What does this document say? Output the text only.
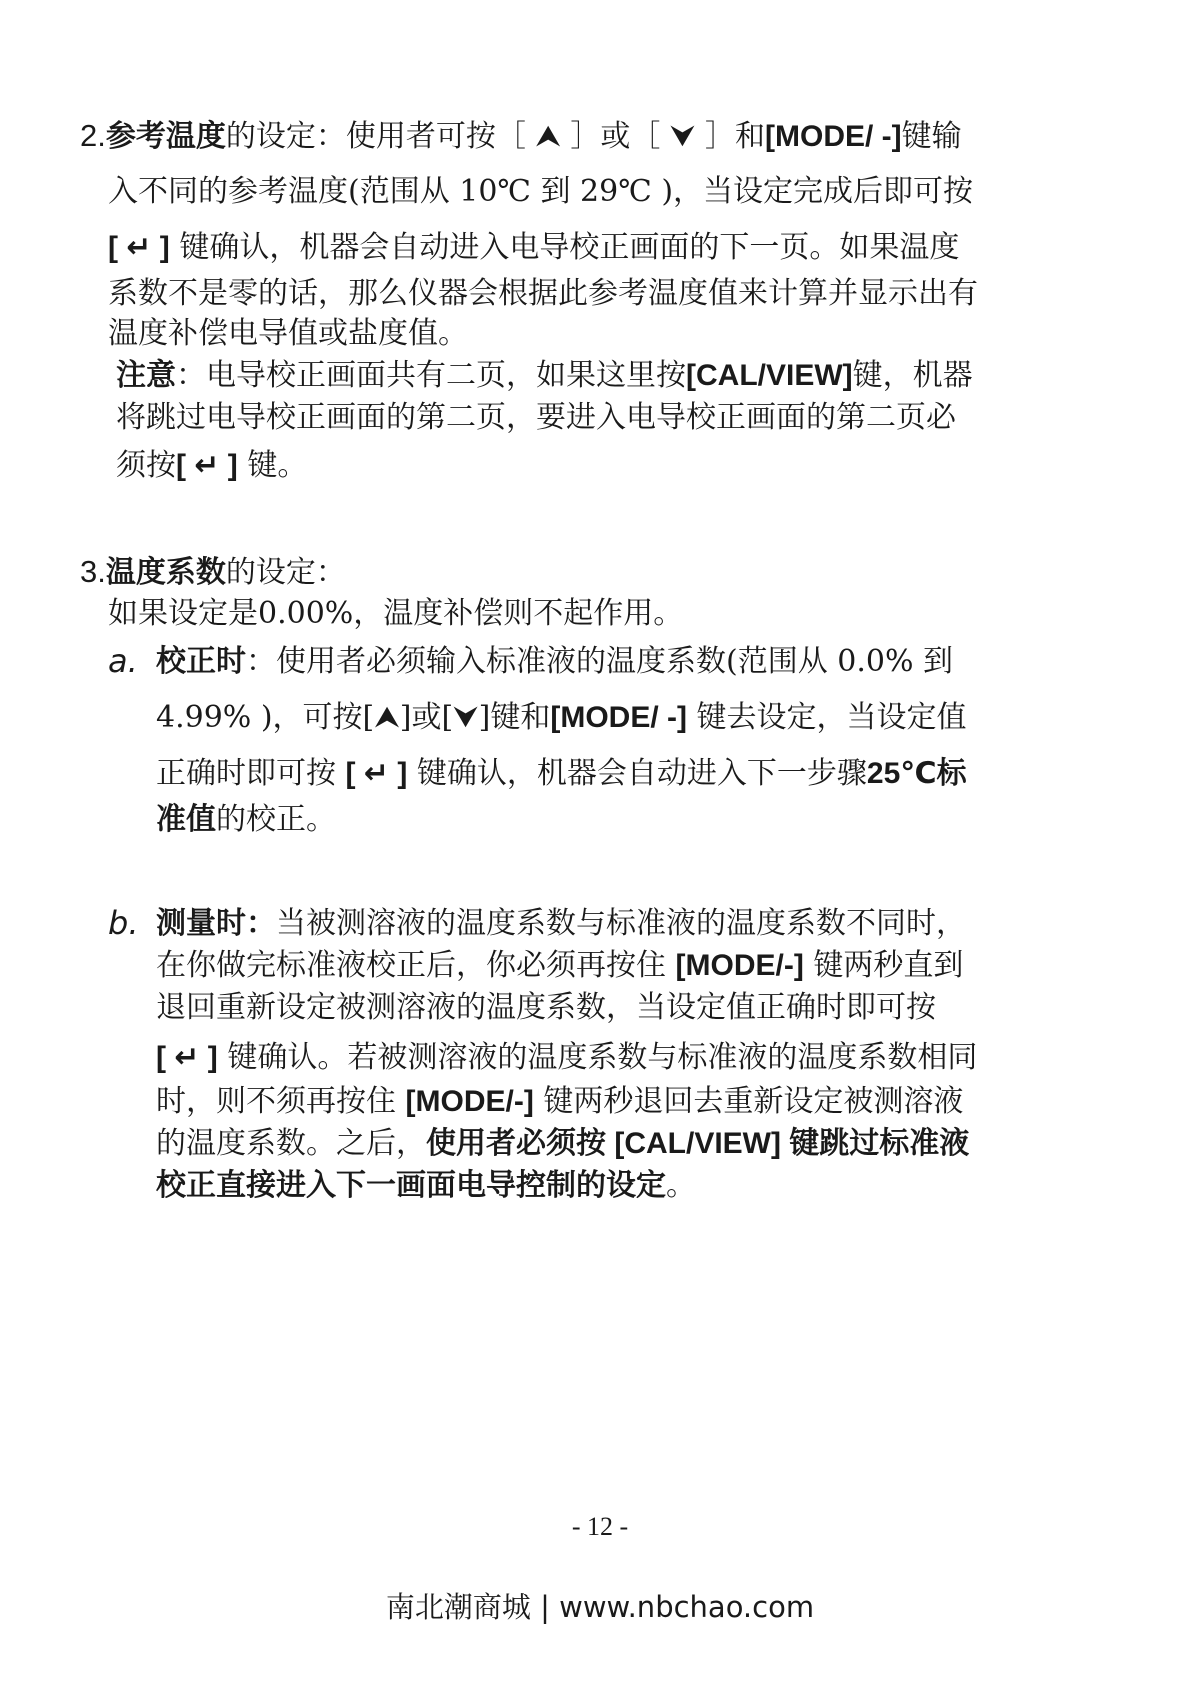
2.参考温度的设定：使用者可按［ ⮝ ］或［ ⮟ ］和[MODE/ -]键输
入不同的参考温度(范围从 10℃ 到 29℃ )，当设定完成后即可按
[ ↵ ] 键确认，机器会自动进入电导校正画面的下一页。如果温度
系数不是零的话，那么仪器会根据此参考温度值来计算并显示出有
温度补偿电导值或盐度值。
注意：电导校正画面共有二页，如果这里按[CAL/VIEW]键，机器
将跳过电导校正画面的第二页，要进入电导校正画面的第二页必
须按[ ↵ ] 键。
3.温度系数的设定：
如果设定是0.00%，温度补偿则不起作用。
a. 校正时：使用者必须输入标准液的温度系数(范围从 0.0% 到
4.99% )，可按[⮝]或[⮟]键和[MODE/ -] 键去设定，当设定值
正确时即可按 [ ↵ ] 键确认，机器会自动进入下一步骤25℃标
准值的校正。
b. 测量时：当被测溶液的温度系数与标准液的温度系数不同时，
在你做完标准液校正后，你必须再按住 [MODE/-] 键两秒直到
退回重新设定被测溶液的温度系数，当设定值正确时即可按
[ ↵ ] 键确认。若被测溶液的温度系数与标准液的温度系数相同
时，则不须再按住 [MODE/-] 键两秒退回去重新设定被测溶液
的温度系数。之后，使用者必须按 [CAL/VIEW] 键跳过标准液
校正直接进入下一画面电导控制的设定。
- 12 -
南北潮商城 | www.nbchao.com
